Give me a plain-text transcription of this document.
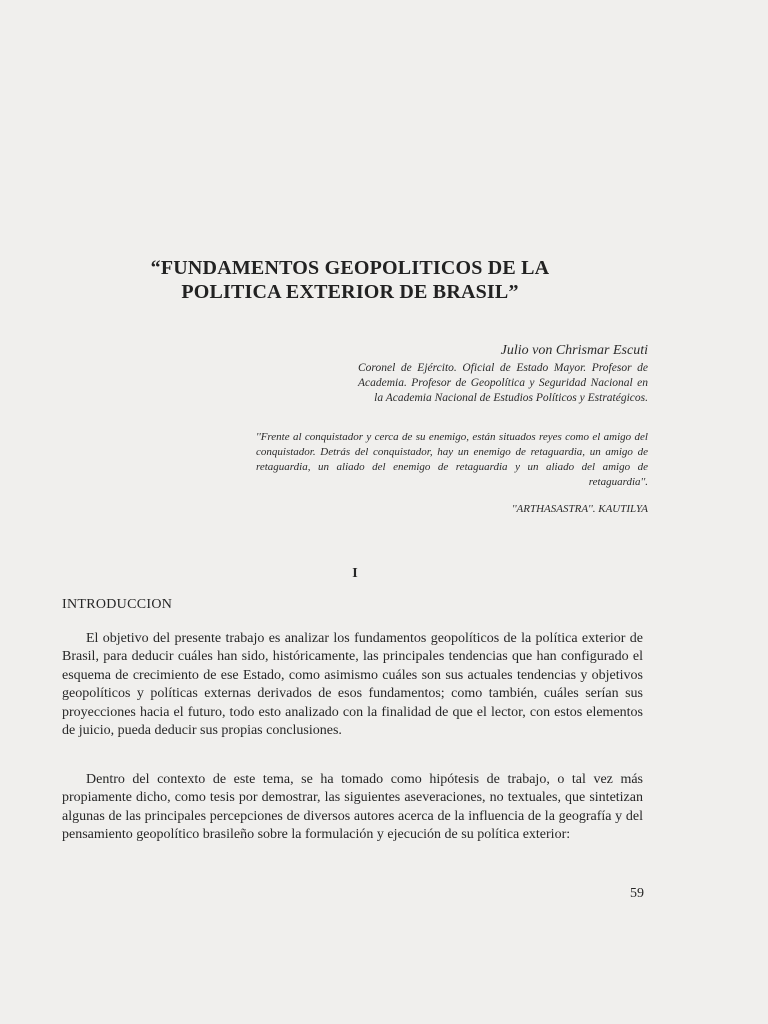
“FUNDAMENTOS GEOPOLITICOS DE LA
POLITICA EXTERIOR DE BRASIL”
Julio von Chrismar Escuti
Coronel de Ejército. Oficial de Estado Mayor. Profesor de Academia. Profesor de Geopolítica y Seguridad Nacional en la Academia Nacional de Estudios Políticos y Estratégicos.
''Frente al conquistador y cerca de su enemigo, están situados reyes como el amigo del conquistador. Detrás del conquistador, hay un enemigo de retaguardia, un amigo de retaguardia, un aliado del enemigo de retaguardia y un aliado del amigo de retaguardia''.
''ARTHASASTRA''. KAUTILYA
I
INTRODUCCION
El objetivo del presente trabajo es analizar los fundamentos geopolíticos de la política exterior de Brasil, para deducir cuáles han sido, históricamente, las principales tendencias que han configurado el esquema de crecimiento de ese Estado, como asimismo cuáles son sus actuales tendencias y objetivos geopolíticos y políticas externas derivados de esos fundamentos; como también, cuáles serían sus proyecciones hacia el futuro, todo esto analizado con la finalidad de que el lector, con estos elementos de juicio, pueda deducir sus propias conclusiones.
Dentro del contexto de este tema, se ha tomado como hipótesis de trabajo, o tal vez más propiamente dicho, como tesis por demostrar, las siguientes aseveraciones, no textuales, que sintetizan algunas de las principales percepciones de diversos autores acerca de la influencia de la geografía y del pensamiento geopolítico brasileño sobre la formulación y ejecución de su política exterior:
59
